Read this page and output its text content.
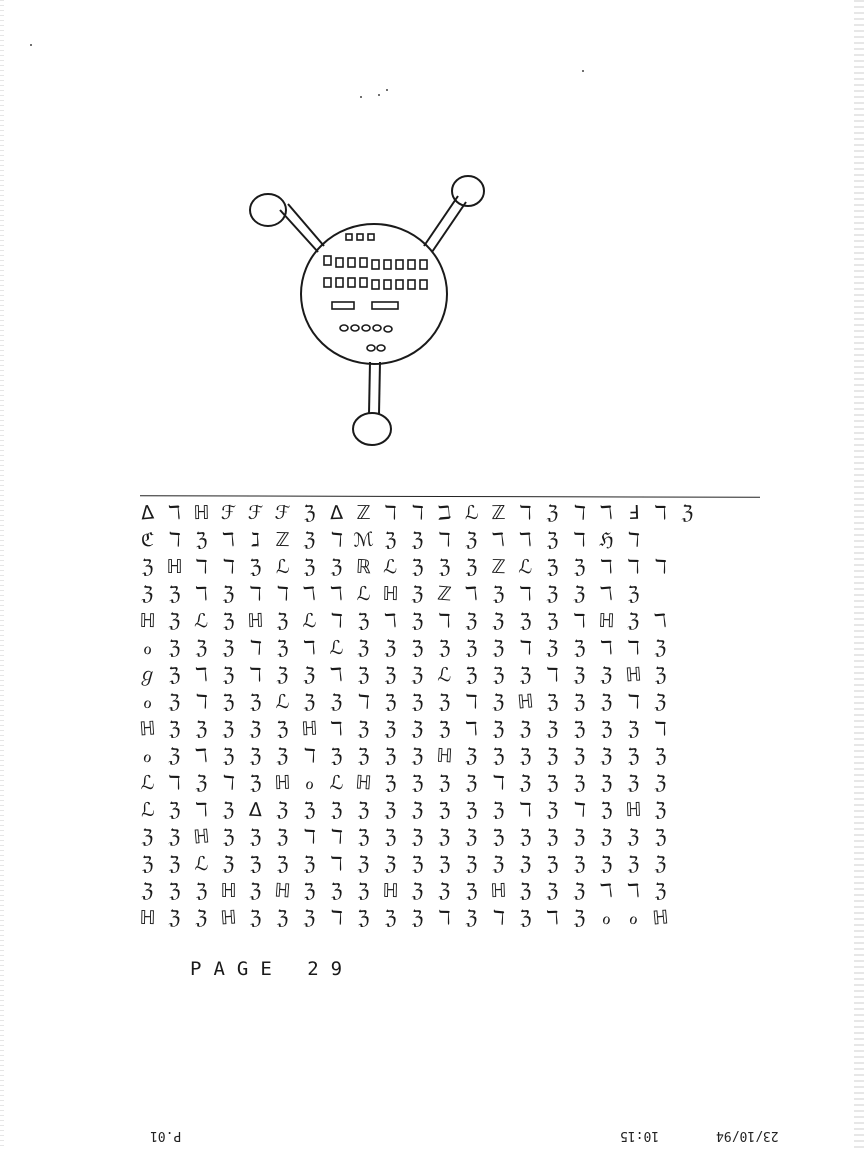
Δ ℸ ℍ ℱ ℱ ℱ ℨ Δ ℤ ℸ ℸ ℶ ℒ ℤ ℸ ℨ ℸ ℸ Ⅎ ℸ ℨ
ℭ ℸ ℨ ℸ ℷ ℤ ℨ ℸ ℳ ℨ ℨ ℸ ℨ ℸ ℸ ℨ ℸ ℌ ℸ
ℨ ℍ ℸ ℸ ℨ ℒ ℨ ℨ ℝ ℒ ℨ ℨ ℨ ℤ ℒ ℨ ℨ ℸ ℸ ℸ
ℨ ℨ ℸ ℨ ℸ ℸ ℸ ℸ ℒ ℍ ℨ ℤ ℸ ℨ ℸ ℨ ℨ ℸ ℨ
ℍ ℨ ℒ ℨ ℍ ℨ ℒ ℸ ℨ ℸ ℨ ℸ ℨ ℨ ℨ ℨ ℸ ℍ ℨ ℸ
ℴ ℨ ℨ ℨ ℸ ℨ ℸ ℒ ℨ ℨ ℨ ℨ ℨ ℨ ℸ ℨ ℨ ℸ ℸ ℨ
ℊ ℨ ℸ ℨ ℸ ℨ ℨ ℸ ℨ ℨ ℨ ℒ ℨ ℨ ℨ ℸ ℨ ℨ ℍ ℨ
ℴ ℨ ℸ ℨ ℨ ℒ ℨ ℨ ℸ ℨ ℨ ℨ ℸ ℨ ℍ ℨ ℨ ℨ ℸ ℨ
ℍ ℨ ℨ ℨ ℨ ℨ ℍ ℸ ℨ ℨ ℨ ℨ ℸ ℨ ℨ ℨ ℨ ℨ ℨ ℸ
ℴ ℨ ℸ ℨ ℨ ℨ ℸ ℨ ℨ ℨ ℨ ℍ ℨ ℨ ℨ ℨ ℨ ℨ ℨ ℨ
ℒ ℸ ℨ ℸ ℨ ℍ ℴ ℒ ℍ ℨ ℨ ℨ ℨ ℸ ℨ ℨ ℨ ℨ ℨ ℨ
ℒ ℨ ℸ ℨ Δ ℨ ℨ ℨ ℨ ℨ ℨ ℨ ℨ ℨ ℸ ℨ ℸ ℨ ℍ ℨ
ℨ ℨ ℍ ℨ ℨ ℨ ℸ ℸ ℨ ℨ ℨ ℨ ℨ ℨ ℨ ℨ ℨ ℨ ℨ ℨ
ℨ ℨ ℒ ℨ ℨ ℨ ℨ ℸ ℨ ℨ ℨ ℨ ℨ ℨ ℨ ℨ ℨ ℨ ℨ ℨ
ℨ ℨ ℨ ℍ ℨ ℍ ℨ ℨ ℨ ℍ ℨ ℨ ℨ ℍ ℨ ℨ ℨ ℸ ℸ ℨ
ℍ ℨ ℨ ℍ ℨ ℨ ℨ ℸ ℨ ℨ ℨ ℸ ℨ ℸ ℨ ℸ ℨ ℴ ℴ ℍ
PAGE 29
P.01	10:15	23/10/94
